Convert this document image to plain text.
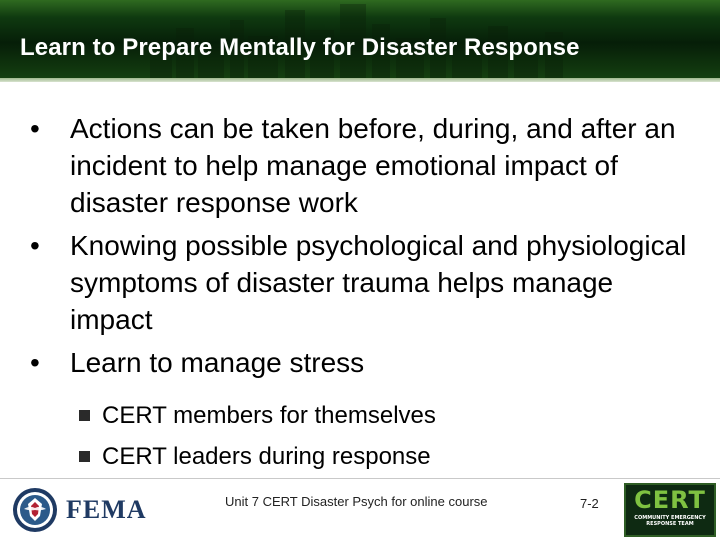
Learn to Prepare Mentally for Disaster Response
•	Actions can be taken before, during, and after an incident to help manage emotional impact of disaster response work
•	Knowing possible psychological and physiological symptoms of disaster trauma helps manage impact
•	Learn to manage stress
CERT members for themselves
CERT leaders during response
FEMA	Unit 7 CERT Disaster Psych for online course	7-2	CERT
COMMUNITY EMERGENCY
RESPONSE TEAM
